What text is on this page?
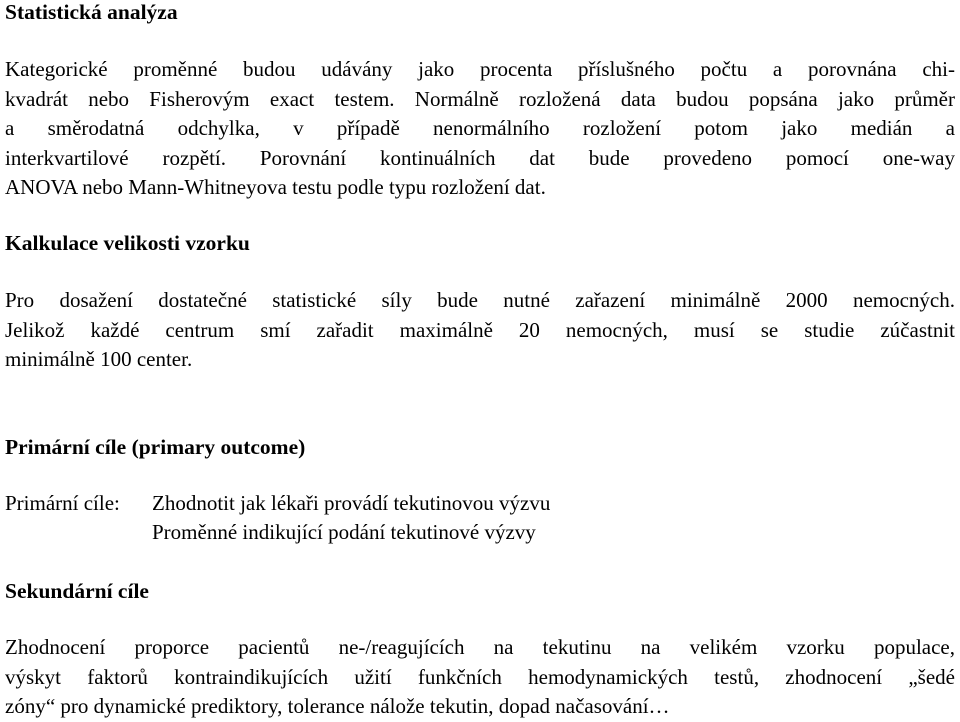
Statistická analýza
Kategorické proměnné budou udávány jako procenta příslušného počtu a porovnána chi-
kvadrát nebo Fisherovým exact testem. Normálně rozložená data budou popsána jako průměr
a směrodatná odchylka, v případě nenormálního rozložení potom jako medián a
interkvartilové rozpětí. Porovnání kontinuálních dat bude provedeno pomocí one-way
ANOVA nebo Mann-Whitneyova testu podle typu rozložení dat.
Kalkulace velikosti vzorku
Pro dosažení dostatečné statistické síly bude nutné zařazení minimálně 2000 nemocných.
Jelikož každé centrum smí zařadit maximálně 20 nemocných, musí se studie zúčastnit
minimálně 100 center.
Primární cíle (primary outcome)
Primární cíle: Zhodnotit jak lékaři provádí tekutinovou výzvu
Proměnné indikující podání tekutinové výzvy
Sekundární cíle
Zhodnocení proporce pacientů ne-/reagujících na tekutinu na velikém vzorku populace,
výskyt faktorů kontraindikujících užití funkčních hemodynamických testů, zhodnocení „šedé
zóny“ pro dynamické prediktory, tolerance nálože tekutin, dopad načasování…
